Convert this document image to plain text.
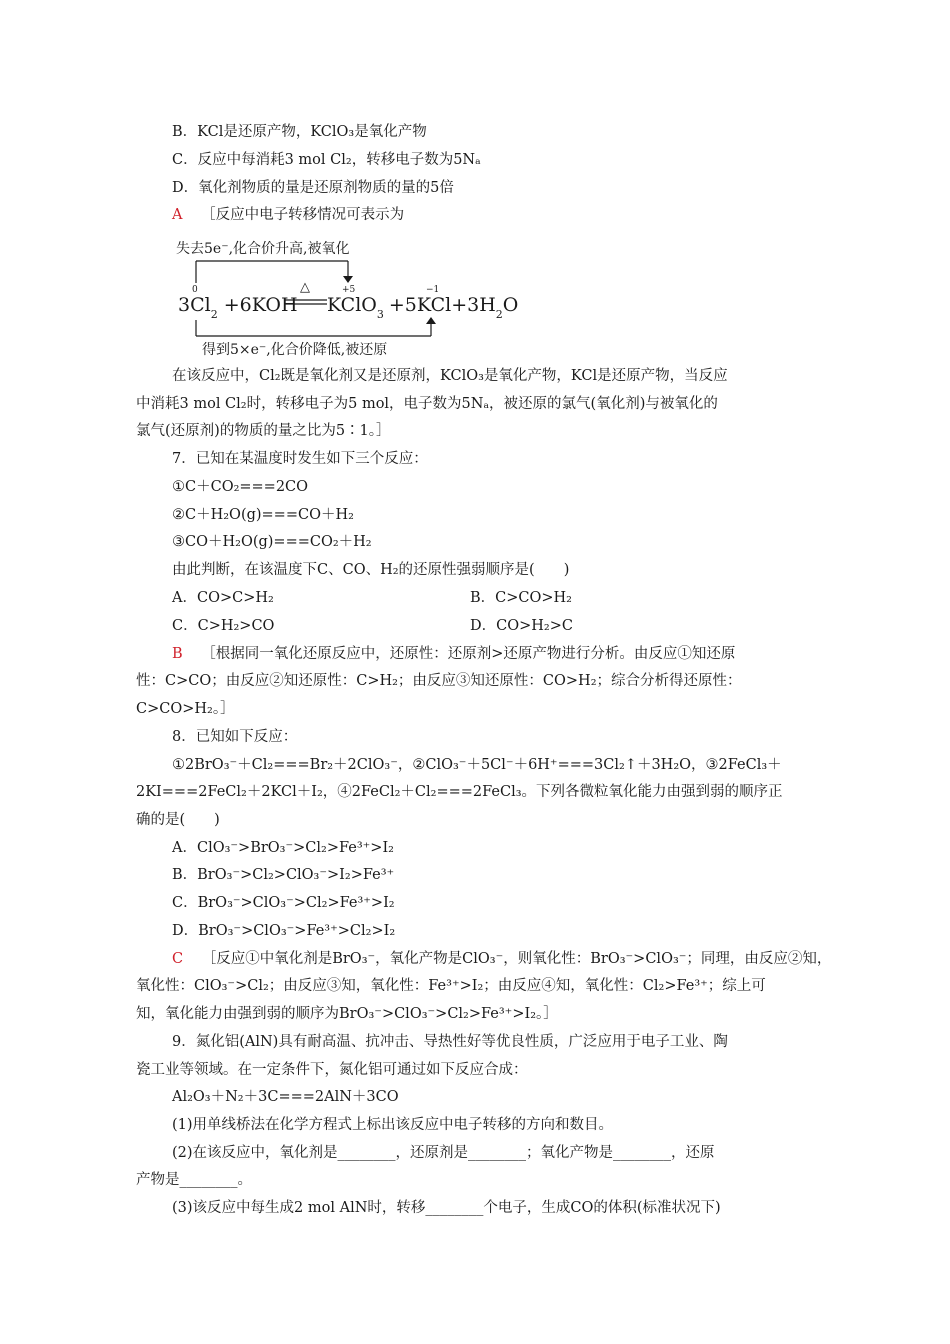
B．KCl是还原产物，KClO₃是氧化产物
C．反应中每消耗3 mol Cl₂，转移电子数为5Nₐ
D．氧化剂物质的量是还原剂物质的量的5倍
A ［反应中电子转移情况可表示为
失去5e⁻,化合价升高,被氧化
0	+5	−1
△
$3Cl_2 +6KOH$ KClO$_3$ $+5KCl+3H_2O$
得到5×e⁻,化合价降低,被还原
在该反应中，Cl₂既是氧化剂又是还原剂，KClO₃是氧化产物，KCl是还原产物，当反应
中消耗3 mol Cl₂时，转移电子为5 mol，电子数为5Nₐ，被还原的氯气(氧化剂)与被氧化的
氯气(还原剂)的物质的量之比为5∶1。］
7．已知在某温度时发生如下三个反应：
①C＋CO₂===2CO
②C＋H₂O(g)===CO＋H₂
③CO＋H₂O(g)===CO₂＋H₂
由此判断，在该温度下C、CO、H₂的还原性强弱顺序是(　　)
A．CO>C>H₂	B．C>CO>H₂
C．C>H₂>CO	D．CO>H₂>C
B ［根据同一氧化还原反应中，还原性：还原剂>还原产物进行分析。由反应①知还原
性：C>CO；由反应②知还原性：C>H₂；由反应③知还原性：CO>H₂；综合分析得还原性：
C>CO>H₂。］
8．已知如下反应：
①2BrO₃⁻＋Cl₂===Br₂＋2ClO₃⁻，②ClO₃⁻＋5Cl⁻＋6H⁺===3Cl₂↑＋3H₂O，③2FeCl₃＋
2KI===2FeCl₂＋2KCl＋I₂，④2FeCl₂＋Cl₂===2FeCl₃。下列各微粒氧化能力由强到弱的顺序正
确的是(　　)
A．ClO₃⁻>BrO₃⁻>Cl₂>Fe³⁺>I₂
B．BrO₃⁻>Cl₂>ClO₃⁻>I₂>Fe³⁺
C．BrO₃⁻>ClO₃⁻>Cl₂>Fe³⁺>I₂
D．BrO₃⁻>ClO₃⁻>Fe³⁺>Cl₂>I₂
C ［反应①中氧化剂是BrO₃⁻，氧化产物是ClO₃⁻，则氧化性：BrO₃⁻>ClO₃⁻；同理，由反应②知，
氧化性：ClO₃⁻>Cl₂；由反应③知，氧化性：Fe³⁺>I₂；由反应④知，氧化性：Cl₂>Fe³⁺；综上可
知，氧化能力由强到弱的顺序为BrO₃⁻>ClO₃⁻>Cl₂>Fe³⁺>I₂。］
9．氮化铝(AlN)具有耐高温、抗冲击、导热性好等优良性质，广泛应用于电子工业、陶
瓷工业等领域。在一定条件下，氮化铝可通过如下反应合成：
Al₂O₃＋N₂＋3C===2AlN＋3CO
(1)用单线桥法在化学方程式上标出该反应中电子转移的方向和数目。
(2)在该反应中，氧化剂是________，还原剂是________；氧化产物是________，还原
产物是________。
(3)该反应中每生成2 mol AlN时，转移________个电子，生成CO的体积(标准状况下)
